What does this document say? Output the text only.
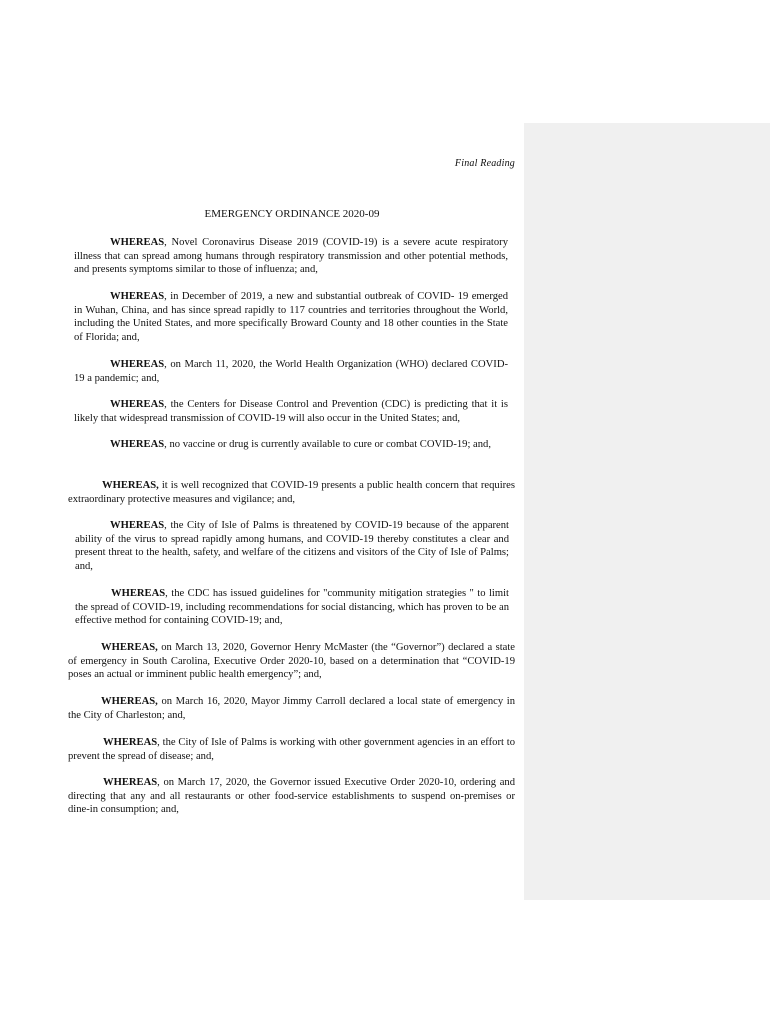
Final Reading
EMERGENCY ORDINANCE 2020-09

WHEREAS, Novel Coronavirus Disease 2019 (COVID-19) is a severe acute respiratory illness that can spread among humans through respiratory transmission and other potential methods, and presents symptoms similar to those of influenza; and,

WHEREAS, in December of 2019, a new and substantial outbreak of COVID- 19 emerged in Wuhan, China, and has since spread rapidly to 117 countries and territories throughout the World, including the United States, and more specifically Broward County and 18 other counties in the State of Florida; and,

WHEREAS, on March 11, 2020, the World Health Organization (WHO) declared COVID-19 a pandemic; and,

WHEREAS, the Centers for Disease Control and Prevention (CDC) is predicting that it is likely that widespread transmission of COVID-19 will also occur in the United States; and,

WHEREAS, no vaccine or drug is currently available to cure or combat COVID-19; and,

WHEREAS, it is well recognized that COVID-19 presents a public health concern that requires extraordinary protective measures and vigilance; and,

WHEREAS, the City of Isle of Palms is threatened by COVID-19 because of the apparent ability of the virus to spread rapidly among humans, and COVID-19 thereby constitutes a clear and present threat to the health, safety, and welfare of the citizens and visitors of the City of Isle of Palms; and,

WHEREAS, the CDC has issued guidelines for "community mitigation strategies " to limit the spread of COVID-19, including recommendations for social distancing, which has proven to be an effective method for containing COVID-19; and,

WHEREAS, on March 13, 2020, Governor Henry McMaster (the “Governor”) declared a state of emergency in South Carolina, Executive Order 2020-10, based on a determination that “COVID-19 poses an actual or imminent public health emergency”; and,

WHEREAS, on March 16, 2020, Mayor Jimmy Carroll declared a local state of emergency in the City of Charleston; and,

WHEREAS, the City of Isle of Palms is working with other government agencies in an effort to prevent the spread of disease; and,

WHEREAS, on March 17, 2020, the Governor issued Executive Order 2020-10, ordering and directing that any and all restaurants or other food-service establishments to suspend on-premises or dine-in consumption; and,
